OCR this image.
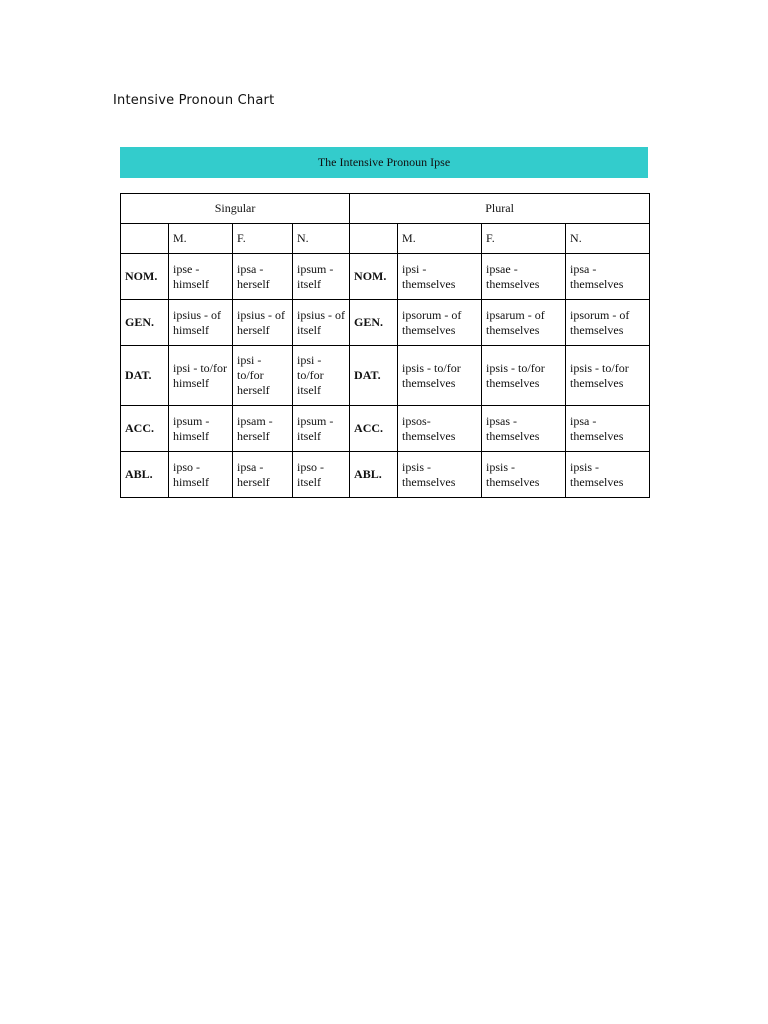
Intensive Pronoun Chart
The Intensive Pronoun Ipse
Singular				Plural			
	M.	F.	N.		M.	F.	N.
NOM.	ipse - himself	ipsa - herself	ipsum - itself	NOM.	ipsi - themselves	ipsae - themselves	ipsa - themselves
GEN.	ipsius - of himself	ipsius - of herself	ipsius - of itself	GEN.	ipsorum - of themselves	ipsarum - of themselves	ipsorum - of themselves
DAT.	ipsi - to/for himself	ipsi - to/for herself	ipsi - to/for itself	DAT.	ipsis - to/for themselves	ipsis - to/for themselves	ipsis - to/for themselves
ACC.	ipsum - himself	ipsam - herself	ipsum - itself	ACC.	ipsos- themselves	ipsas - themselves	ipsa - themselves
ABL.	ipso - himself	ipsa - herself	ipso - itself	ABL.	ipsis - themselves	ipsis - themselves	ipsis - themselves
